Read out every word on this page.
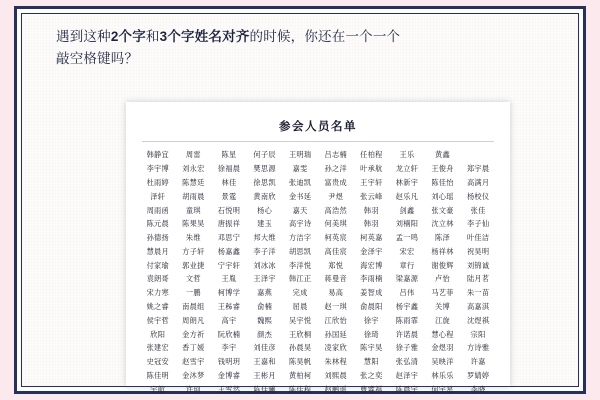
遇到这种2个字和3个字姓名对齐的时候，你还在一个一个
敲空格键吗？
参会人员名单
韩静宜	周雷	陈星	何子辰	王明瑞	吕志楠	任柏程	王乐	黄鑫	
李宇博	刘永宏	徐福晨	樊思源	嘉雯	孙之洋	叶承航	龙立轩	王俊舟	郑宇晨
杜雨婷	陈慧廷	林佳	徐思凯	张迪凯	富贵成	王宇轩	林新宇	陈佳怡	高满月
泽轩	胡雨晨	景霆	黄南欣	金书延	尹煜	张云峰	赵乐凡	刘心瑶	杨校仪
周雨函	童琪	石悦明	杨心	嘉天	高浩然	韩羽	剑鑫	张文豪	张佳
陈元晨	陈果昊	唐振祥	建玉	高宇诗	何美琪	韩羽	刘楠阳	沈立林	李子仙
孙德扬	朱维	邓思宁	邦大维	方洁字	柯英宸	柯英嘉	孟一鸣	陈泽	叶佳洁
慧晨月	方子轩	杨嘉鑫	李子洋	胡思凯	高佳宸	金泽宇	宋宏	杨祥林	祝昊明
付家瑜	郭业捷	宁宇轩	刘冰冰	李洋悦	郑悦	海宏博	章行	谢俊辉	刘锦诚
袁朗哥	文哲	王胤	王泽宇	韩江正	蒋曼音	李雨楠	梁嘉源	卢怡	陆月茗
宋力寒	一鹏	柯博学	嘉燕	完成	易高	姜智成	吕伟	马艺菲	朱一苗
姚之睿	南晨组	王秭睿	俞楠	屈晨	赵一琪	俞晨阳	杨宇鑫	关博	高嘉淇
侯宇哲	周朗凡	高宇	魏熙	吴宇悦	江欣怡	徐宇	陈雨霏	江旋	沈煜祺
欣阳	金方祈	阮欣楠	颜杰	王欣桐	孙国延	徐琦	许诺晨	慧心程	宗阳
张建宏	香丁媛	李宇	刘佳彦	孙晨昊	凌家欣	陈宇昊	徐子雅	金煜羽	方诗雅
史冠安	赵雪宇	钱明玥	王嘉和	陈昊帆	朱林程	慧阳	张弘清	吴映洋	许嘉
陈佳明	金沐梦	金博睿	王彬月	黄柏柯	刘熙晨	张之奕	赵泽宇	林乐乐	罗婧婷
宇航	许珂	王雪然	陈佳曦	陈佳程	赵鹏遥	曹睿祺	陈晨宇	何宇星	李晓
